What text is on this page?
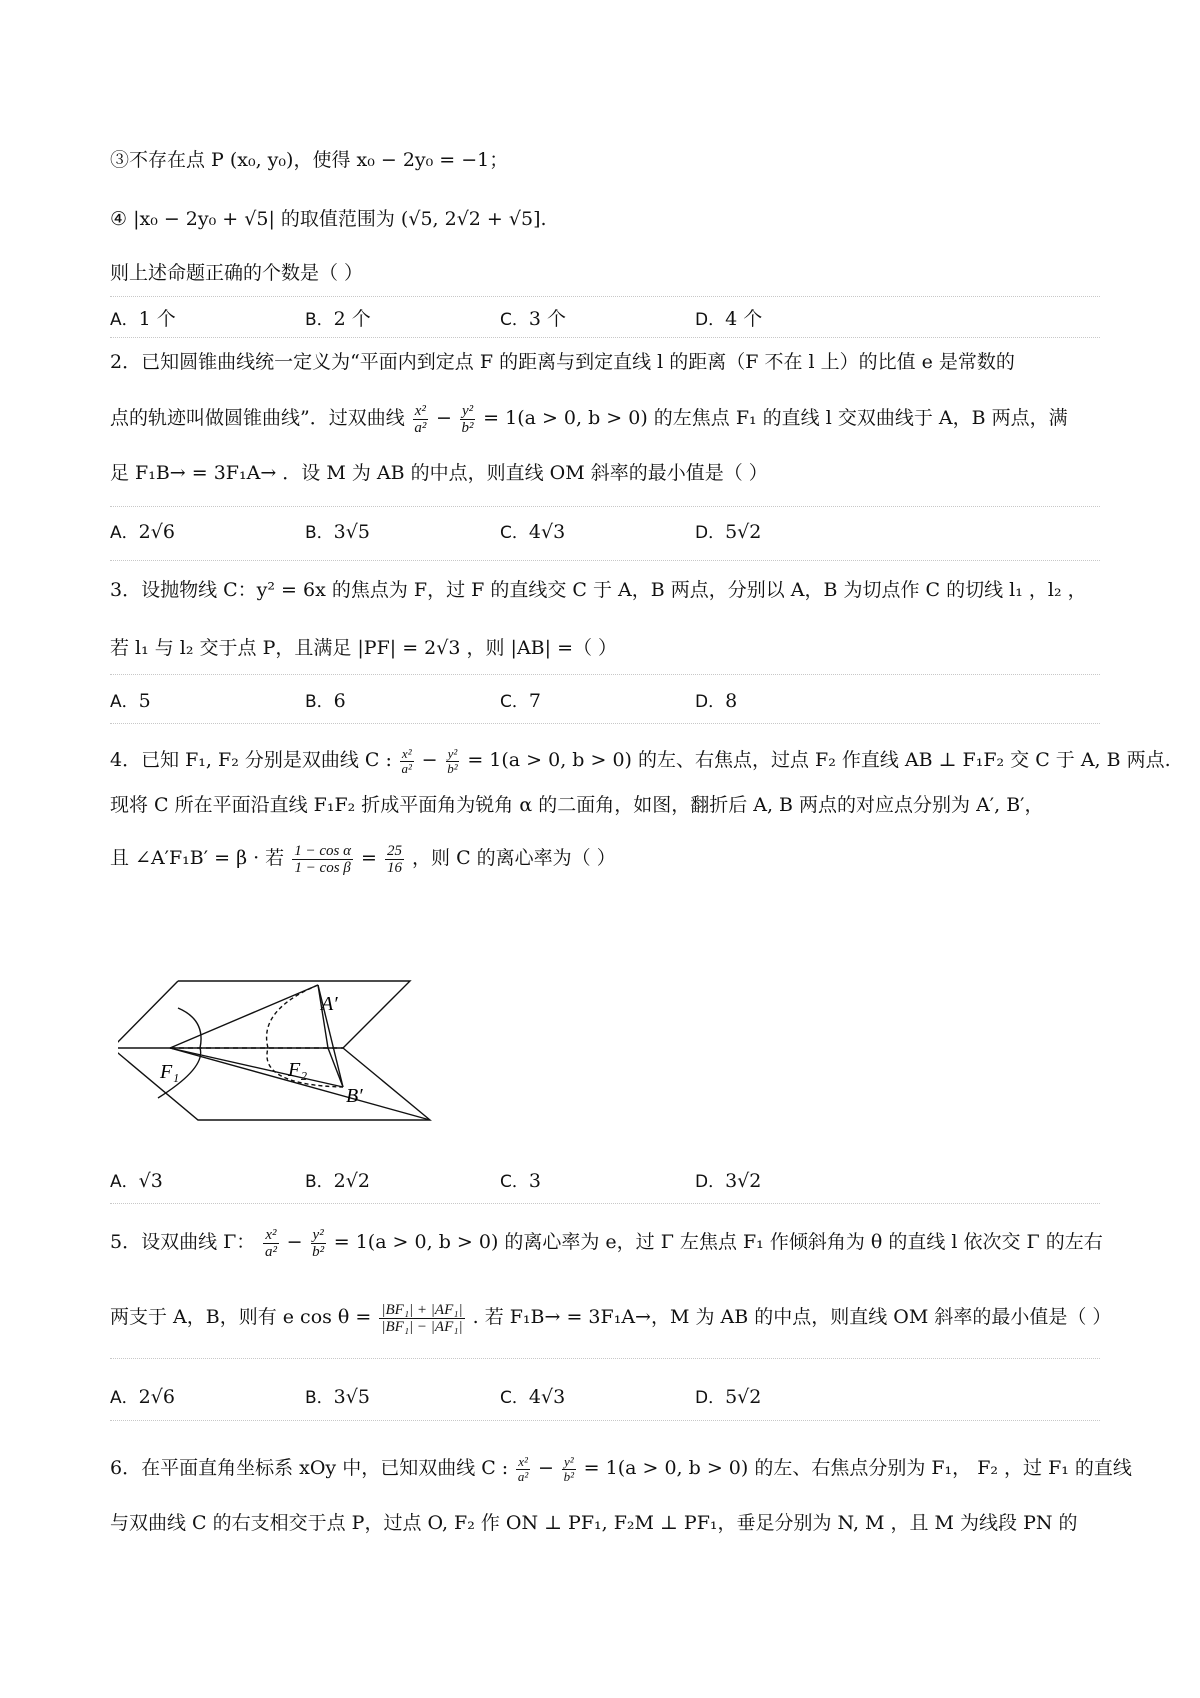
③不存在点 P (x₀, y₀)，使得 x₀ − 2y₀ = −1；
④ |x₀ − 2y₀ + √5| 的取值范围为 (√5, 2√2 + √5].
则上述命题正确的个数是（ ）
A．1 个	B．2 个	C．3 个	D．4 个
2．已知圆锥曲线统一定义为“平面内到定点 F 的距离与到定直线 l 的距离（F 不在 l 上）的比值 e 是常数的
点的轨迹叫做圆锥曲线”．过双曲线 $\frac{\text{x²}}{\text{a²}} - \frac{\text{y²}}{\text{b²}} = 1(a > 0$, b > 0) 的左焦点 F₁ 的直线 l 交双曲线于 A，B 两点，满
足 F₁B→ = 3F₁A→ ．设 M 为 AB 的中点，则直线 OM 斜率的最小值是（ ）
A．2√6	B．3√5	C．4√3	D．5√2
3．设抛物线 C：y² = 6x 的焦点为 F，过 F 的直线交 C 于 A，B 两点，分别以 A，B 为切点作 C 的切线 l₁ ，l₂ ，
若 l₁ 与 l₂ 交于点 P，且满足 |PF| = 2√3 ，则 |AB| =（ ）
A．5	B．6	C．7	D．8
4．已知 F₁, F₂ 分别是双曲线 C : $\frac{\text{x²}}{\text{a²}} - \frac{\text{y²}}{\text{b²}} = 1(a > 0$, b > 0) 的左、右焦点，过点 F₂ 作直线 AB ⊥ F₁F₂ 交 C 于 A, B 两点.
现将 C 所在平面沿直线 F₁F₂ 折成平面角为锐角 α 的二面角，如图，翻折后 A, B 两点的对应点分别为 A′, B′，
且 ∠A′F₁B′ = β · 若 $\frac{\text{1 − cos α}}{\text{1 − cos β}} = \frac{25}{16}$ ，则 C 的离心率为（ ）
A′
B′
F₁	F₂
A．√3	B．2√2	C．3	D．3√2
5．设双曲线 Γ： $\frac{\text{x²}}{\text{a²}} - \frac{\text{y²}}{\text{b²}} = 1(a > 0$, b > 0) 的离心率为 e，过 Γ 左焦点 F₁ 作倾斜角为 θ 的直线 l 依次交 Γ 的左右
两支于 A，B，则有 e $\cos \theta = \frac{\text{|BF₁| + |AF₁|}}{\text{|BF₁| − |AF₁|}}$ . 若 F₁B→ = 3F₁A→，M 为 AB 的中点，则直线 OM 斜率的最小值是（ ）
A．2√6	B．3√5	C．4√3	D．5√2
6．在平面直角坐标系 xOy 中，已知双曲线 C : $\frac{\text{x²}}{\text{a²}} - \frac{\text{y²}}{\text{b²}} = 1(a > 0$, b > 0) 的左、右焦点分别为 F₁， F₂ ，过 F₁ 的直线
与双曲线 C 的右支相交于点 P，过点 O, F₂ 作 ON ⊥ PF₁, F₂M ⊥ PF₁，垂足分别为 N, M ，且 M 为线段 PN 的
